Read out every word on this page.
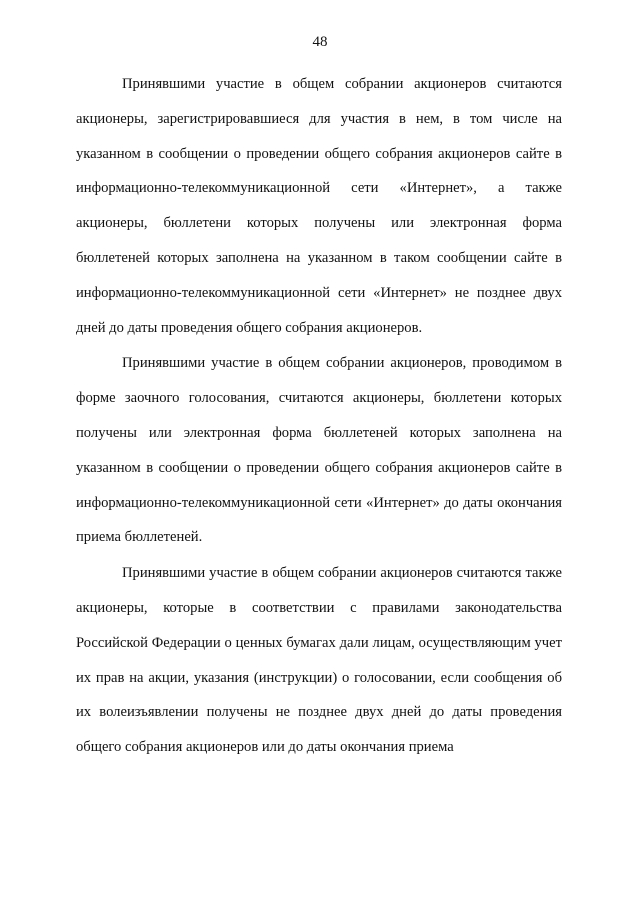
48

Принявшими участие в общем собрании акционеров считаются акционеры, зарегистрировавшиеся для участия в нем, в том числе на указанном в сообщении о проведении общего собрания акционеров сайте в информационно-телекоммуникационной сети «Интернет», а также акционеры, бюллетени которых получены или электронная форма бюллетеней которых заполнена на указанном в таком сообщении сайте в информационно-телекоммуникационной сети «Интернет» не позднее двух дней до даты проведения общего собрания акционеров.

Принявшими участие в общем собрании акционеров, проводимом в форме заочного голосования, считаются акционеры, бюллетени которых получены или электронная форма бюллетеней которых заполнена на указанном в сообщении о проведении общего собрания акционеров сайте в информационно-телекоммуникационной сети «Интернет» до даты окончания приема бюллетеней.

Принявшими участие в общем собрании акционеров считаются также акционеры, которые в соответствии с правилами законодательства Российской Федерации о ценных бумагах дали лицам, осуществляющим учет их прав на акции, указания (инструкции) о голосовании, если сообщения об их волеизъявлении получены не позднее двух дней до даты проведения общего собрания акционеров или до даты окончания приема
